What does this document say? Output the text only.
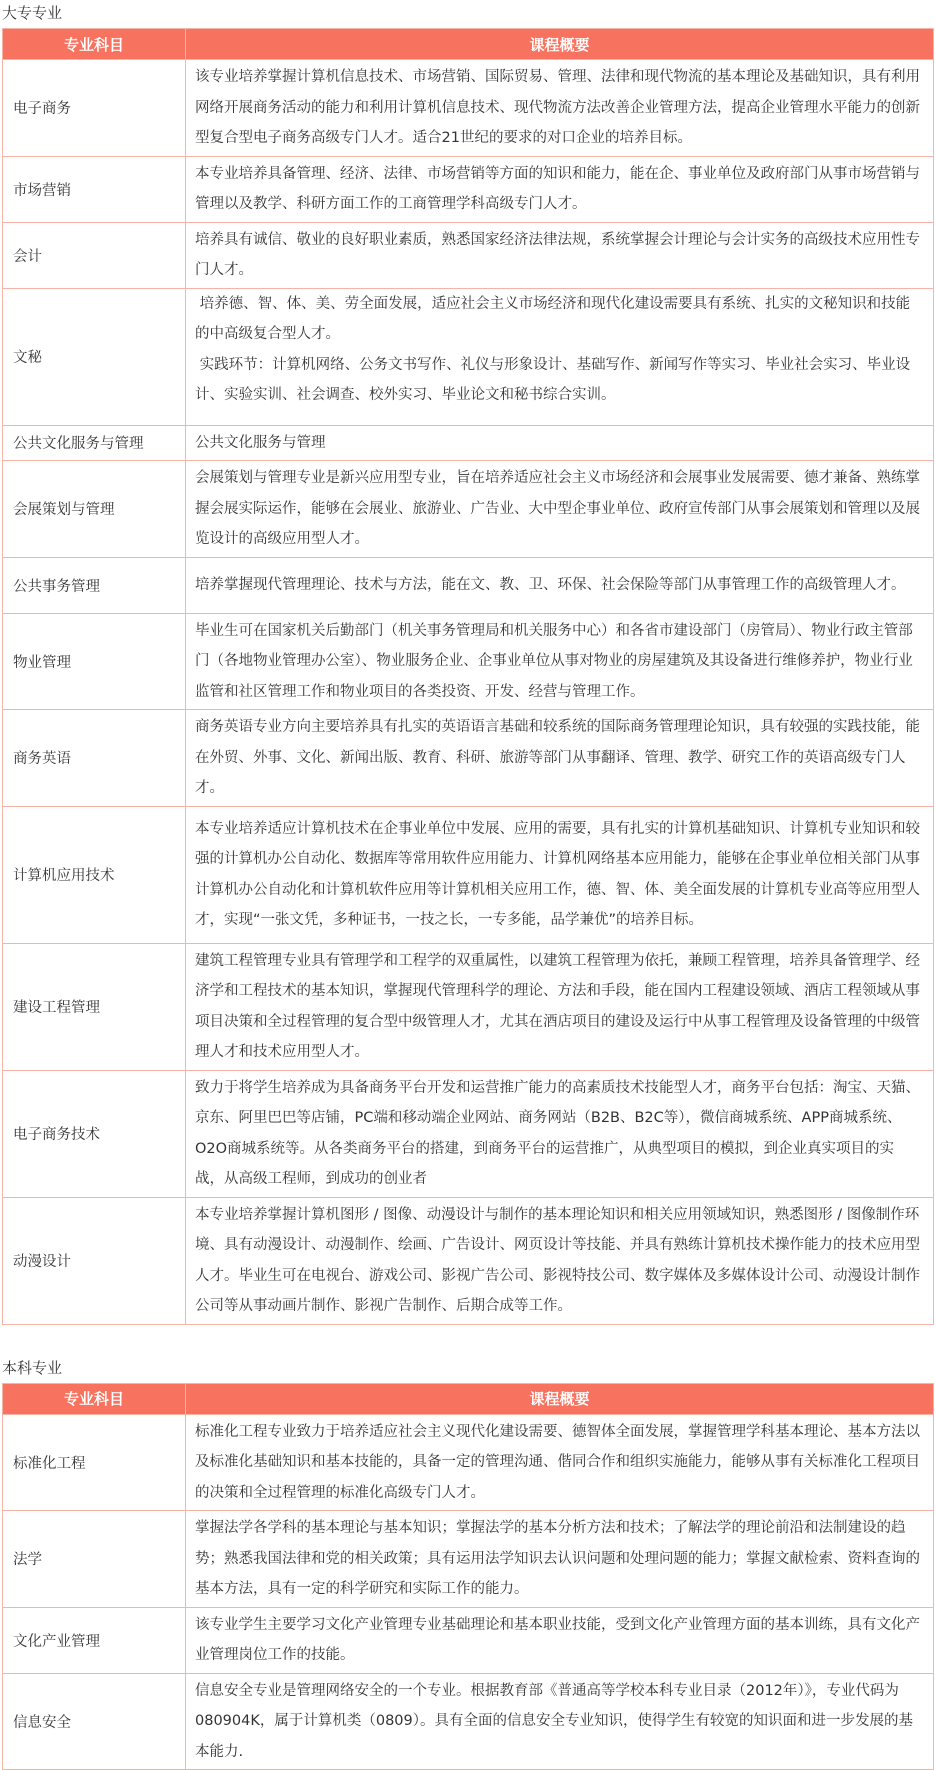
大专专业
专业科目	课程概要
电子商务	该专业培养掌握计算机信息技术、市场营销、国际贸易、管理、法律和现代物流的基本理论及基础知识，具有利用网络开展商务活动的能力和利用计算机信息技术、现代物流方法改善企业管理方法，提高企业管理水平能力的创新型复合型电子商务高级专门人才。适合21世纪的要求的对口企业的培养目标。

市场营销	本专业培养具备管理、经济、法律、市场营销等方面的知识和能力，能在企、事业单位及政府部门从事市场营销与管理以及教学、科研方面工作的工商管理学科高级专门人才。

会计	培养具有诚信、敬业的良好职业素质，熟悉国家经济法律法规，系统掌握会计理论与会计实务的高级技术应用性专门人才。

文秘	培养德、智、体、美、劳全面发展，适应社会主义市场经济和现代化建设需要具有系统、扎实的文秘知识和技能的中高级复合型人才。
实践环节：计算机网络、公务文书写作、礼仪与形象设计、基础写作、新闻写作等实习、毕业社会实习、毕业设计、实验实训、社会调查、校外实习、毕业论文和秘书综合实训。

公共文化服务与管理	公共文化服务与管理

会展策划与管理	会展策划与管理专业是新兴应用型专业，旨在培养适应社会主义市场经济和会展事业发展需要、德才兼备、熟练掌握会展实际运作，能够在会展业、旅游业、广告业、大中型企事业单位、政府宣传部门从事会展策划和管理以及展览设计的高级应用型人才。

公共事务管理	培养掌握现代管理理论、技术与方法，能在文、教、卫、环保、社会保险等部门从事管理工作的高级管理人才。

物业管理	毕业生可在国家机关后勤部门（机关事务管理局和机关服务中心）和各省市建设部门（房管局）、物业行政主管部门（各地物业管理办公室）、物业服务企业、企事业单位从事对物业的房屋建筑及其设备进行维修养护，物业行业监管和社区管理工作和物业项目的各类投资、开发、经营与管理工作。

商务英语	商务英语专业方向主要培养具有扎实的英语语言基础和较系统的国际商务管理理论知识，具有较强的实践技能，能在外贸、外事、文化、新闻出版、教育、科研、旅游等部门从事翻译、管理、教学、研究工作的英语高级专门人才。

计算机应用技术	本专业培养适应计算机技术在企事业单位中发展、应用的需要，具有扎实的计算机基础知识、计算机专业知识和较强的计算机办公自动化、数据库等常用软件应用能力、计算机网络基本应用能力，能够在企事业单位相关部门从事计算机办公自动化和计算机软件应用等计算机相关应用工作，德、智、体、美全面发展的计算机专业高等应用型人才，实现“一张文凭，多种证书，一技之长，一专多能，品学兼优”的培养目标。

建设工程管理	建筑工程管理专业具有管理学和工程学的双重属性，以建筑工程管理为依托，兼顾工程管理，培养具备管理学、经济学和工程技术的基本知识，掌握现代管理科学的理论、方法和手段，能在国内工程建设领域、酒店工程领域从事项目决策和全过程管理的复合型中级管理人才，尤其在酒店项目的建设及运行中从事工程管理及设备管理的中级管理人才和技术应用型人才。

电子商务技术	致力于将学生培养成为具备商务平台开发和运营推广能力的高素质技术技能型人才，商务平台包括：淘宝、天猫、京东、阿里巴巴等店铺，PC端和移动端企业网站、商务网站（B2B、B2C等），微信商城系统、APP商城系统、O2O商城系统等。从各类商务平台的搭建，到商务平台的运营推广，从典型项目的模拟，到企业真实项目的实战，从高级工程师，到成功的创业者

动漫设计	本专业培养掌握计算机图形 / 图像、动漫设计与制作的基本理论知识和相关应用领域知识，熟悉图形 / 图像制作环境、具有动漫设计、动漫制作、绘画、广告设计、网页设计等技能、并具有熟练计算机技术操作能力的技术应用型人才。毕业生可在电视台、游戏公司、影视广告公司、影视特技公司、数字媒体及多媒体设计公司、动漫设计制作公司等从事动画片制作、影视广告制作、后期合成等工作。
本科专业
专业科目	课程概要
标准化工程	标准化工程专业致力于培养适应社会主义现代化建设需要、德智体全面发展，掌握管理学科基本理论、基本方法以及标准化基础知识和基本技能的，具备一定的管理沟通、偕同合作和组织实施能力，能够从事有关标准化工程项目的决策和全过程管理的标准化高级专门人才。

法学	掌握法学各学科的基本理论与基本知识；掌握法学的基本分析方法和技术；了解法学的理论前沿和法制建设的趋势；熟悉我国法律和党的相关政策；具有运用法学知识去认识问题和处理问题的能力；掌握文献检索、资料查询的基本方法，具有一定的科学研究和实际工作的能力。

文化产业管理	该专业学生主要学习文化产业管理专业基础理论和基本职业技能，受到文化产业管理方面的基本训练，具有文化产业管理岗位工作的技能。

信息安全	信息安全专业是管理网络安全的一个专业。根据教育部《普通高等学校本科专业目录（2012年）》，专业代码为080904K，属于计算机类（0809）。具有全面的信息安全专业知识，使得学生有较宽的知识面和进一步发展的基本能力.
